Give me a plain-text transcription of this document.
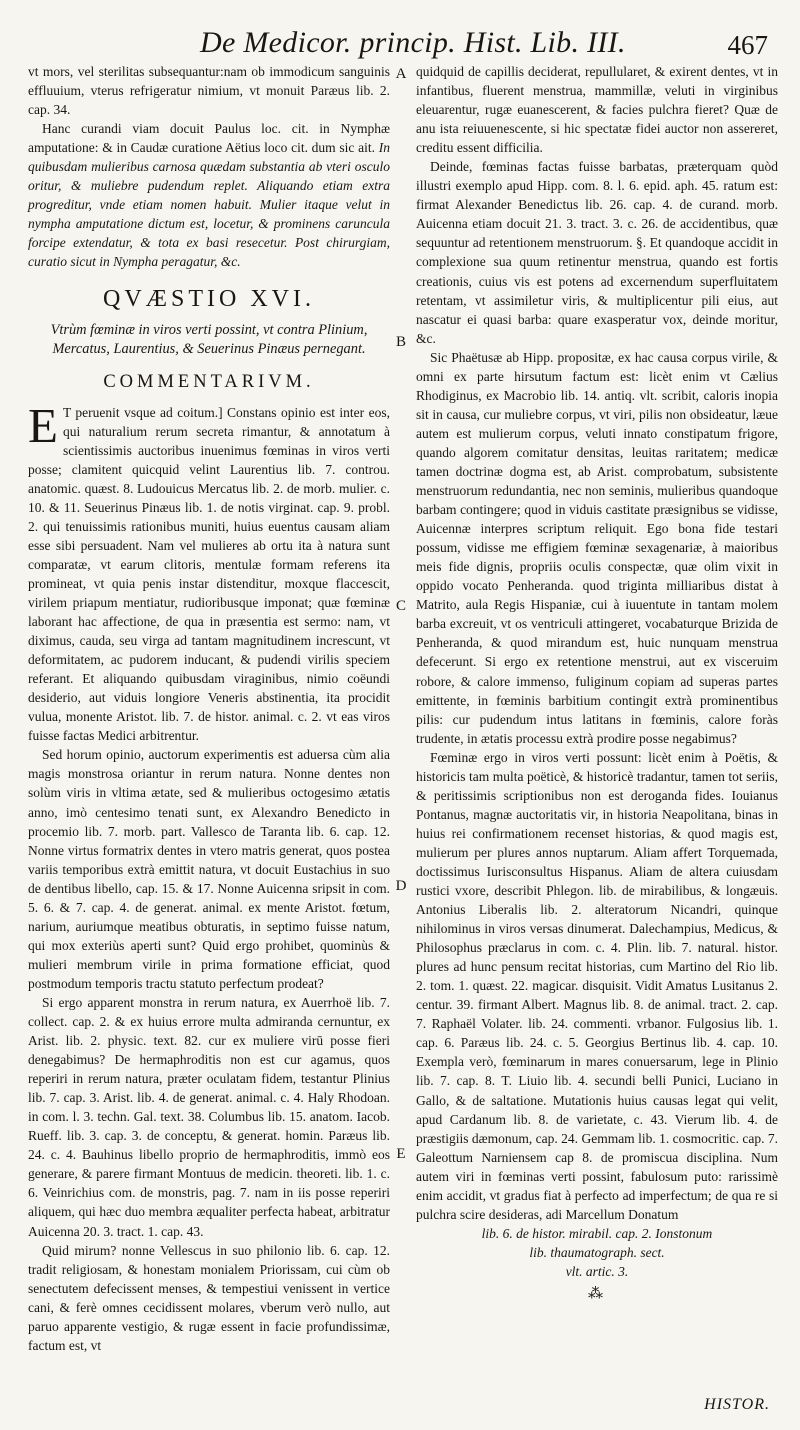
De Medicor. princip. Hist. Lib. III.	467
A
B
C
D
E

vt mors, vel sterilitas subsequantur:nam ob immodicum sanguinis effluuium, vterus refrigeratur nimium, vt monuit Paræus lib. 2. cap. 34.

Hanc curandi viam docuit Paulus loc. cit. in Nymphæ amputatione: & in Caudæ curatione Aëtius loco cit. dum sic ait. In quibusdam mulieribus carnosa quædam substantia ab vteri osculo oritur, & muliebre pudendum replet. Aliquando etiam extra progreditur, vnde etiam nomen habuit. Mulier itaque velut in nympha amputatione dictum est, locetur, & prominens caruncula forcipe extendatur, & tota ex basi resecetur. Post chirurgiam, curatio sicut in Nympha peragatur, &c.

QVÆSTIO XVI.
Vtrùm fœminæ in viros verti possint, vt contra Plinium, Mercatus, Laurentius, & Seuerinus Pinæus pernegant.
COMMENTARIVM.

E T peruenit vsque ad coitum.] Constans opinio est inter eos, qui naturalium rerum secreta rimantur, & annotatum à scientissimis auctoribus inuenimus fœminas in viros verti posse; clamitent quicquid velint Laurentius lib. 7. controu. anatomic. quæst. 8. Ludouicus Mercatus lib. 2. de morb. mulier. c. 10. & 11. Seuerinus Pinæus lib. 1. de notis virginat. cap. 9. probl. 2. qui tenuissimis rationibus muniti, huius euentus causam aliam esse sibi persuadent. Nam vel mulieres ab ortu ita à natura sunt comparatæ, vt earum clitoris, mentulæ formam referens ita promineat, vt quia penis instar distenditur, moxque flaccescit, virilem priapum mentiatur, rudioribusque imponat; quæ fœminæ laborant hac affectione, de qua in præsentia est sermo: nam, vt diximus, cauda, seu virga ad tantam magnitudinem increscunt, vt deformitatem, ac pudorem inducant, & pudendi virilis speciem referant. Et aliquando quibusdam viraginibus, nimio coëundi desiderio, aut viduis longiore Veneris abstinentia, ita procidit vulua, monente Aristot. lib. 7. de histor. animal. c. 2. vt eas viros fuisse factas Medici arbitrentur.

Sed horum opinio, auctorum experimentis est aduersa cùm alia magis monstrosa oriantur in rerum natura. Nonne dentes non solùm viris in vltima ætate, sed & mulieribus octogesimo ætatis anno, imò centesimo tenati sunt, ex Alexandro Benedicto in procemio lib. 7. morb. part. Vallesco de Taranta lib. 6. cap. 12. Nonne virtus formatrix dentes in vtero matris generat, quos postea variis temporibus extrà emittit natura, vt docuit Eustachius in suo de dentibus libello, cap. 15. & 17. Nonne Auicenna sripsit in com. 5. 6. & 7. cap. 4. de generat. animal. ex mente Aristot. fœtum, narium, auriumque meatibus obturatis, in septimo fuisse natum, qui mox exteriùs aperti sunt? Quid ergo prohibet, quominùs & mulieri membrum virile in prima formatione efficiat, quod postmodum temporis tractu statuto perfectum prodeat?

Si ergo apparent monstra in rerum natura, ex Auerrhoë lib. 7. collect. cap. 2. & ex huius errore multa admiranda cernuntur, ex Arist. lib. 2. physic. text. 82. cur ex muliere virū posse fieri denegabimus? De hermaphroditis non est cur agamus, quos reperiri in rerum natura, præter oculatam fidem, testantur Plinius lib. 7. cap. 3. Arist. lib. 4. de generat. animal. c. 4. Haly Rhodoan. in com. l. 3. techn. Gal. text. 38. Columbus lib. 15. anatom. Iacob. Rueff. lib. 3. cap. 3. de conceptu, & generat. homin. Paræus lib. 24. c. 4. Bauhinus libello proprio de hermaphroditis, immò eos generare, & parere firmant Montuus de medicin. theoreti. lib. 1. c. 6. Veinrichius com. de monstris, pag. 7. nam in iis posse reperiri aliquem, qui hæc duo membra æqualiter perfecta habeat, arbitratur Auicenna 20. 3. tract. 1. cap. 43.

Quid mirum? nonne Vellescus in suo philonio lib. 6. cap. 12. tradit religiosam, & honestam monialem Priorissam, cui cùm ob senectutem defecissent menses, & tempestiui venissent in vertice cani, & ferè omnes cecidissent molares, vberum verò nullo, aut paruo apparente vestigio, & rugæ essent in facie profundissimæ, factum est, vt

quidquid de capillis deciderat, repullularet, & exirent dentes, vt in infantibus, fluerent menstrua, mammillæ, veluti in virginibus eleuarentur, rugæ euanescerent, & facies pulchra fieret? Quæ de anu ista reiuuenescente, si hic spectatæ fidei auctor non assereret, creditu essent difficilia.

Deinde, fœminas factas fuisse barbatas, præterquam quòd illustri exemplo apud Hipp. com. 8. l. 6. epid. aph. 45. ratum est: firmat Alexander Benedictus lib. 26. cap. 4. de curand. morb. Auicenna etiam docuit 21. 3. tract. 3. c. 26. de accidentibus, quæ sequuntur ad retentionem menstruorum. §. Et quandoque accidit in complexione sua quum retinentur menstrua, quando est fortis creationis, cuius vis est potens ad excernendum superfluitatem retentam, vt assimiletur viris, & multiplicentur pili eius, aut nascatur ei quasi barba: quare exasperatur vox, deinde moritur, &c.

Sic Phaëtusæ ab Hipp. propositæ, ex hac causa corpus virile, & omni ex parte hirsutum factum est: licèt enim vt Cælius Rhodiginus, ex Macrobio lib. 14. antiq. vlt. scribit, caloris inopia sit in causa, cur muliebre corpus, vt viri, pilis non obsideatur, læue autem est mulierum corpus, veluti innato constipatum frigore, quando algorem comitatur densitas, leuitas raritatem; medicæ tamen doctrinæ dogma est, ab Arist. comprobatum, subsistente menstruorum redundantia, nec non seminis, mulieribus quandoque barbam contingere; quod in viduis castitate præsignibus se vidisse, Auicennæ interpres scriptum reliquit. Ego bona fide testari possum, vidisse me effigiem fœminæ sexagenariæ, à maioribus meis fide dignis, propriis oculis conspectæ, quæ olim vixit in oppido vocato Penheranda. quod triginta milliaribus distat à Matrito, aula Regis Hispaniæ, cui à iuuentute in tantam molem barba excreuit, vt os ventriculi attingeret, vocabaturque Brizida de Penheranda, & quod mirandum est, huic nunquam menstrua defecerunt. Si ergo ex retentione menstrui, aut ex visceruim robore, & calore immenso, fuliginum copiam ad superas partes emittente, in fœminis barbitium contingit extrà prominentibus pilis: cur pudendum intus latitans in fœminis, calore foràs trudente, in ætatis processu extrà prodire posse negabimus?

Fœminæ ergo in viros verti possunt: licèt enim à Poëtis, & historicis tam multa poëticè, & historicè tradantur, tamen tot seriis, & peritissimis scriptionibus non est deroganda fides. Iouianus Pontanus, magnæ auctoritatis vir, in historia Neapolitana, binas in huius rei confirmationem recenset historias, & quod magis est, mulierum per plures annos nuptarum. Aliam affert Torquemada, doctissimus Iurisconsultus Hispanus. Aliam de altera cuiusdam rustici vxore, describit Phlegon. lib. de mirabilibus, & longæuis. Antonius Liberalis lib. 2. alteratorum Nicandri, quinque nihilominus in viros versas dinumerat. Dalechampius, Medicus, & Philosophus præclarus in com. c. 4. Plin. lib. 7. natural. histor. plures ad hunc pensum recitat historias, cum Martino del Rio lib. 2. tom. 1. quæst. 22. magicar. disquisit. Vidit Amatus Lusitanus 2. centur. 39. firmant Albert. Magnus lib. 8. de animal. tract. 2. cap. 7. Raphaël Volater. lib. 24. commenti. vrbanor. Fulgosius lib. 1. cap. 6. Paræus lib. 24. c. 5. Georgius Bertinus lib. 4. cap. 10. Exempla verò, fœminarum in mares conuersarum, lege in Plinio lib. 7. cap. 8. T. Liuio lib. 4. secundi belli Punici, Luciano in Gallo, & de saltatione. Mutationis huius causas legat qui velit, apud Cardanum lib. 8. de varietate, c. 43. Vierum lib. 4. de præstigiis dæmonum, cap. 24. Gemmam lib. 1. cosmocritic. cap. 7. Galeottum Narniensem cap 8. de promiscua disciplina. Num autem viri in fœminas verti possint, fabulosum puto: rarissimè enim accidit, vt gradus fiat à perfecto ad imperfectum; de qua re si pulchra scire desideras, adi Marcellum Donatum

lib. 6. de histor. mirabil. cap. 2. Ionstonum
lib. thaumatograph. sect.
vlt. artic. 3.
⁂
HISTOR.
